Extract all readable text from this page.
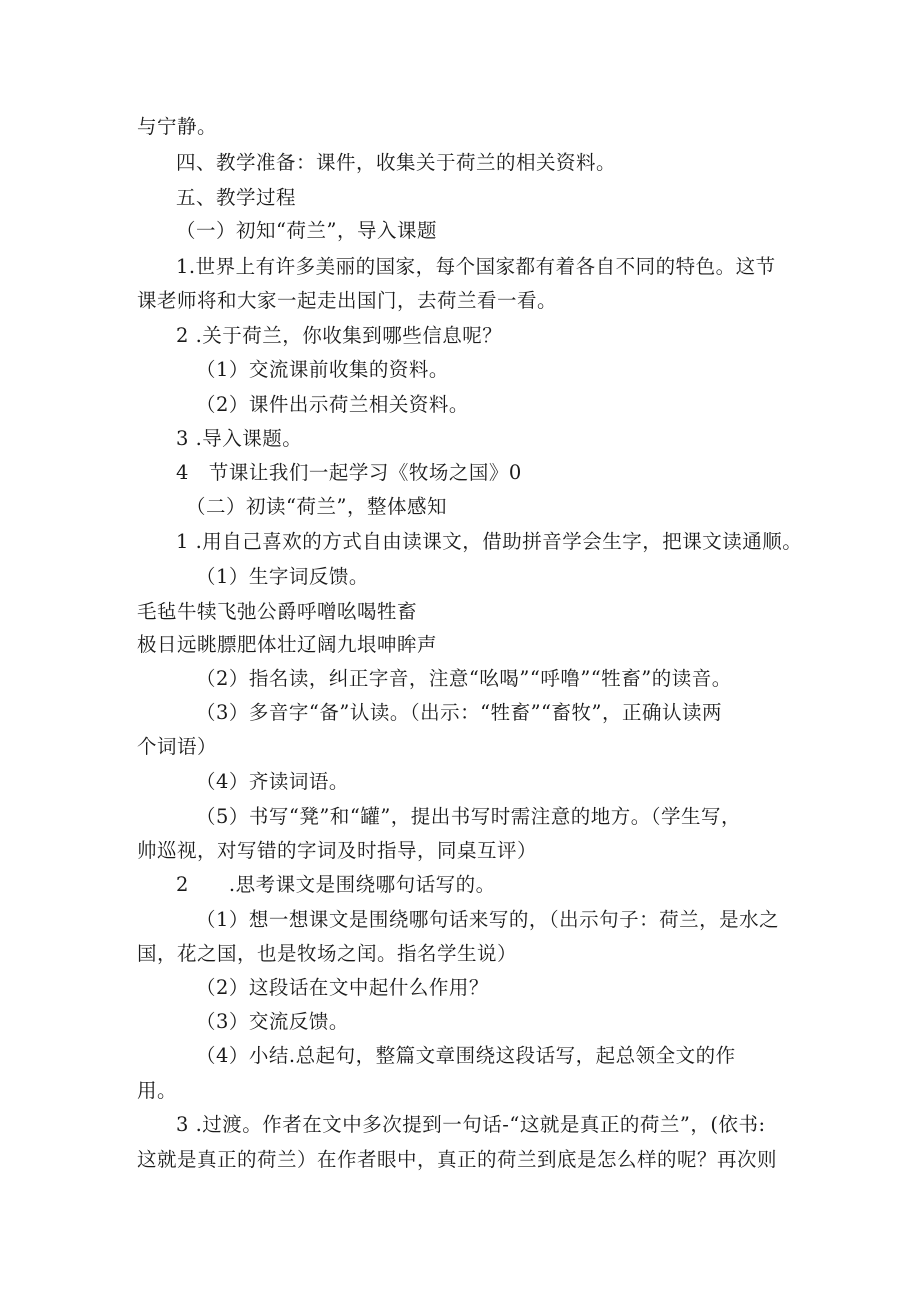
与宁静。
四、教学准备：课件，收集关于荷兰的相关资料。
五、教学过程
（一）初知“荷兰”，导入课题
1.世界上有许多美丽的国家，每个国家都有着各自不同的特色。这节
课老师将和大家一起走出国门，去荷兰看一看。
2 .关于荷兰，你收集到哪些信息呢？
（1）交流课前收集的资料。
（2）课件出示荷兰相关资料。
3 .导入课题。
4　节课让我们一起学习《牧场之国》0
（二）初读“荷兰”，整体感知
1 .用自己喜欢的方式自由读课文，借助拼音学会生字，把课文读通顺。
（1）生字词反馈。
毛毡牛犊飞弛公爵呼噌吆喝牲畜
极日远眺膘肥体壮辽阔九垠呻眸声
（2）指名读，纠正字音，注意“吆喝”“呼噜”“牲畜”的读音。
（3）多音字“备”认读。（出示：“牲畜”“畜牧”，正确认读两
个词语）
（4）齐读词语。
（5）书写“凳”和“罐”，提出书写时需注意的地方。（学生写，
帅巡视，对写错的字词及时指导，同桌互评）
2　　.思考课文是围绕哪句话写的。
（1）想一想课文是围绕哪句话来写的，（出示句子：荷兰，是水之
国，花之国，也是牧场之闰。指名学生说）
（2）这段话在文中起什么作用？
（3）交流反馈。
（4）小结.总起句，整篇文章围绕这段话写，起总领全文的作
用。
3 .过渡。作者在文中多次提到一句话-“这就是真正的荷兰”，(依书:
这就是真正的荷兰）在作者眼中，真正的荷兰到底是怎么样的呢？再次则
